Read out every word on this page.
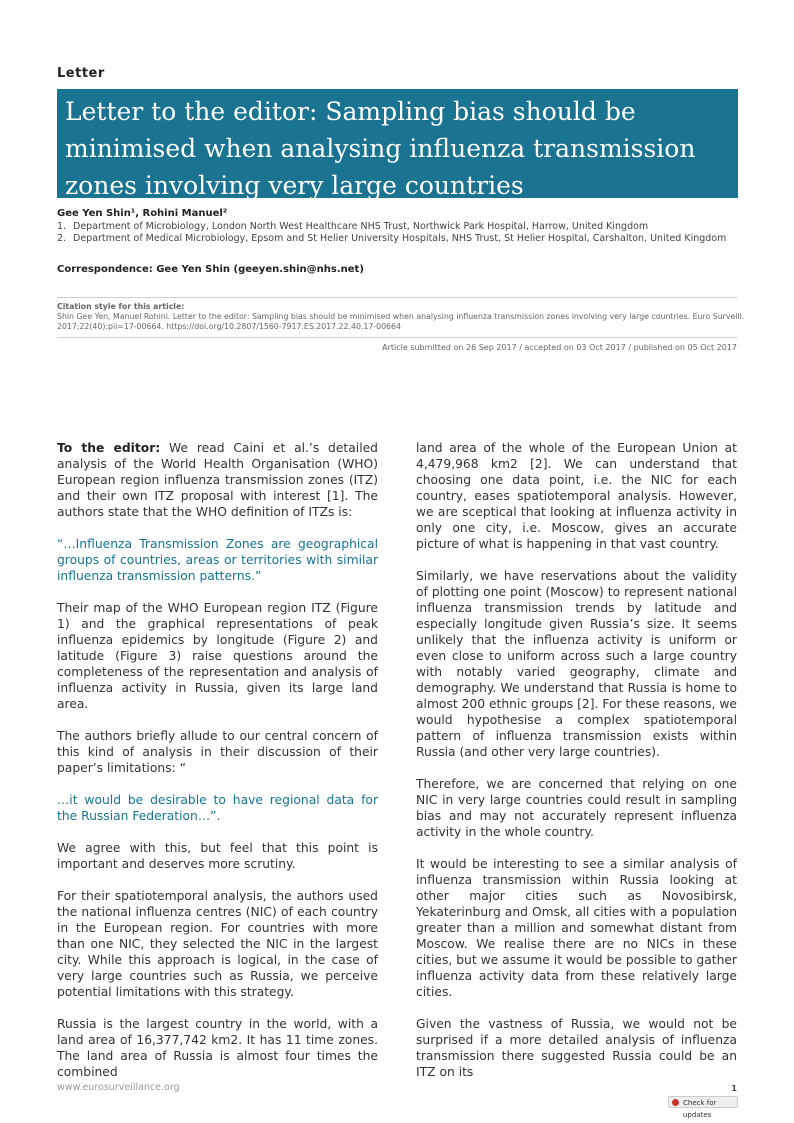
Letter
Letter to the editor: Sampling bias should be minimised when analysing influenza transmission zones involving very large countries
Gee Yen Shin¹, Rohini Manuel²
1. Department of Microbiology, London North West Healthcare NHS Trust, Northwick Park Hospital, Harrow, United Kingdom
2. Department of Medical Microbiology, Epsom and St Helier University Hospitals, NHS Trust, St Helier Hospital, Carshalton, United Kingdom
Correspondence: Gee Yen Shin (geeyen.shin@nhs.net)
Citation style for this article:
Shin Gee Yen, Manuel Rohini. Letter to the editor: Sampling bias should be minimised when analysing influenza transmission zones involving very large countries. Euro Surveill. 2017;22(40):pii=17-00664. https://doi.org/10.2807/1560-7917.ES.2017.22.40.17-00664
Article submitted on 26 Sep 2017 / accepted on 03 Oct 2017 / published on 05 Oct 2017

To the editor: We read Caini et al.’s detailed analysis of the World Health Organisation (WHO) European region influenza transmission zones (ITZ) and their own ITZ proposal with interest [1]. The authors state that the WHO definition of ITZs is:

“…Influenza Transmission Zones are geographical groups of countries, areas or territories with similar influenza transmission patterns.”

Their map of the WHO European region ITZ (Figure 1) and the graphical representations of peak influenza epidemics by longitude (Figure 2) and latitude (Figure 3) raise questions around the completeness of the representation and analysis of influenza activity in Russia, given its large land area.

The authors briefly allude to our central concern of this kind of analysis in their discussion of their paper’s limitations: “

…it would be desirable to have regional data for the Russian Federation…”.

We agree with this, but feel that this point is important and deserves more scrutiny.

For their spatiotemporal analysis, the authors used the national influenza centres (NIC) of each country in the European region. For countries with more than one NIC, they selected the NIC in the largest city. While this approach is logical, in the case of very large countries such as Russia, we perceive potential limitations with this strategy.

Russia is the largest country in the world, with a land area of 16,377,742 km2. It has 11 time zones. The land area of Russia is almost four times the combined

land area of the whole of the European Union at 4,479,968 km2 [2]. We can understand that choosing one data point, i.e. the NIC for each country, eases spatiotemporal analysis. However, we are sceptical that looking at influenza activity in only one city, i.e. Moscow, gives an accurate picture of what is happening in that vast country.

Similarly, we have reservations about the validity of plotting one point (Moscow) to represent national influenza transmission trends by latitude and especially longitude given Russia’s size. It seems unlikely that the influenza activity is uniform or even close to uniform across such a large country with notably varied geography, climate and demography. We understand that Russia is home to almost 200 ethnic groups [2]. For these reasons, we would hypothesise a complex spatiotemporal pattern of influenza transmission exists within Russia (and other very large countries).

Therefore, we are concerned that relying on one NIC in very large countries could result in sampling bias and may not accurately represent influenza activity in the whole country.

It would be interesting to see a similar analysis of influenza transmission within Russia looking at other major cities such as Novosibirsk, Yekaterinburg and Omsk, all cities with a population greater than a million and somewhat distant from Moscow. We realise there are no NICs in these cities, but we assume it would be possible to gather influenza activity data from these relatively large cities.

Given the vastness of Russia, we would not be surprised if a more detailed analysis of influenza transmission there suggested Russia could be an ITZ on its

www.eurosurveillance.org	1
Check for updates
